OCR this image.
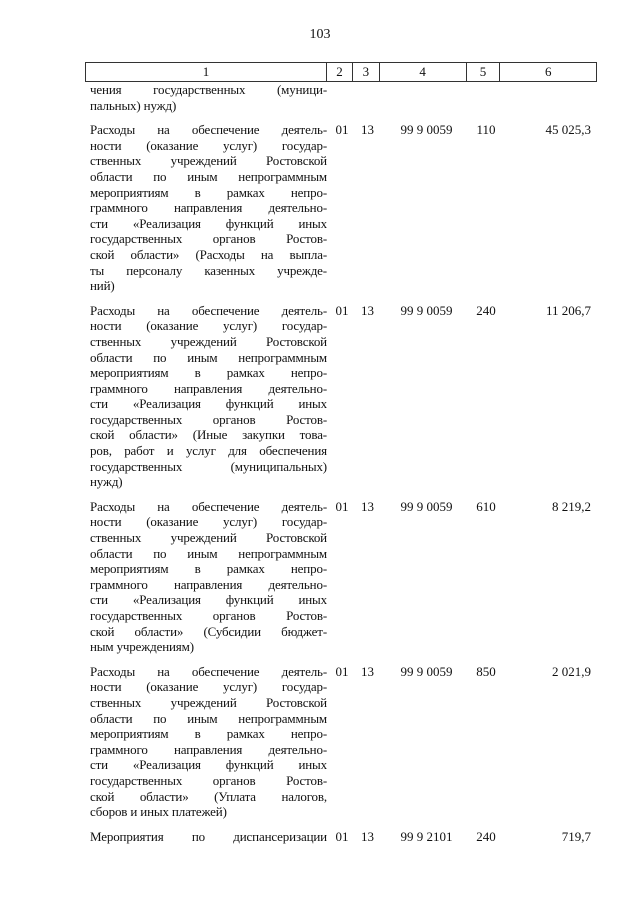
103
1	2	3	4	5	6
чения государственных (муници-
пальных) нужд)
Расходы на обеспечение деятель-
ности (оказание услуг) государ-
ственных учреждений Ростовской
области по иным непрограммным
мероприятиям в рамках непро-
граммного направления деятельно-
сти «Реализация функций иных
государственных органов Ростов-
ской области» (Расходы на выпла-
ты персоналу казенных учрежде-
ний)
01 13	99 9 0059	110	45 025,3
Расходы на обеспечение деятель-
ности (оказание услуг) государ-
ственных учреждений Ростовской
области по иным непрограммным
мероприятиям в рамках непро-
граммного направления деятельно-
сти «Реализация функций иных
государственных органов Ростов-
ской области» (Иные закупки това-
ров, работ и услуг для обеспечения
государственных (муниципальных)
нужд)
01 13	99 9 0059	240	11 206,7
Расходы на обеспечение деятель-
ности (оказание услуг) государ-
ственных учреждений Ростовской
области по иным непрограммным
мероприятиям в рамках непро-
граммного направления деятельно-
сти «Реализация функций иных
государственных органов Ростов-
ской области» (Субсидии бюджет-
ным учреждениям)
01 13	99 9 0059	610	8 219,2
Расходы на обеспечение деятель-
ности (оказание услуг) государ-
ственных учреждений Ростовской
области по иным непрограммным
мероприятиям в рамках непро-
граммного направления деятельно-
сти «Реализация функций иных
государственных органов Ростов-
ской области» (Уплата налогов,
сборов и иных платежей)
01 13	99 9 0059	850	2 021,9
Мероприятия по диспансеризации 01 13	99 9 2101	240	719,7
